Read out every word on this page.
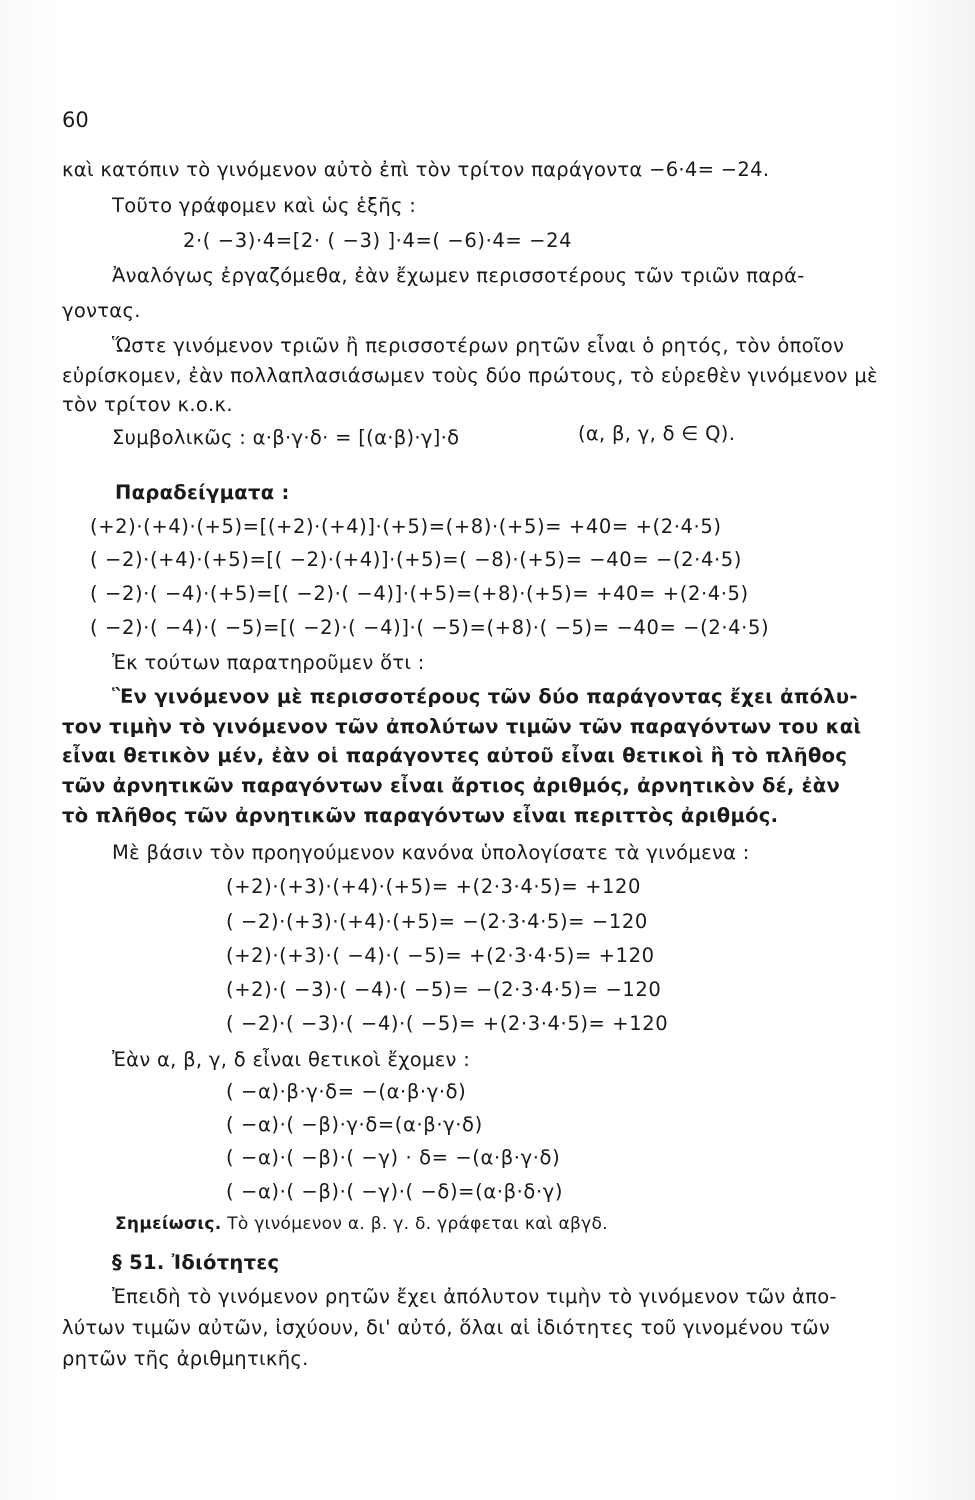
60
καὶ κατόπιν τὸ γινόμενον αὐτὸ ἐπὶ τὸν τρίτον παράγοντα −6·4= −24.
Τοῦτο γράφομεν καὶ ὡς ἑξῆς :
2·( −3)·4=[2· ( −3) ]·4=( −6)·4= −24
Ἀναλόγως ἐργαζόμεθα, ἐὰν ἔχωμεν περισσοτέρους τῶν τριῶν παρά-
γοντας.
Ὥστε γινόμενον τριῶν ἢ περισσοτέρων ρητῶν εἶναι ὁ ρητός, τὸν ὁποῖον
εὑρίσκομεν, ἐὰν πολλαπλασιάσωμεν τοὺς δύο πρώτους, τὸ εὑρεθὲν γινόμενον μὲ
τὸν τρίτον κ.ο.κ.
Συμβολικῶς : α·β·γ·δ· = [(α·β)·γ]·δ	(α, β, γ, δ ∈ Q).
Παραδείγματα :
(+2)·(+4)·(+5)=[(+2)·(+4)]·(+5)=(+8)·(+5)= +40= +(2·4·5)
( −2)·(+4)·(+5)=[( −2)·(+4)]·(+5)=( −8)·(+5)= −40= −(2·4·5)
( −2)·( −4)·(+5)=[( −2)·( −4)]·(+5)=(+8)·(+5)= +40= +(2·4·5)
( −2)·( −4)·( −5)=[( −2)·( −4)]·( −5)=(+8)·( −5)= −40= −(2·4·5)
Ἐκ τούτων παρατηροῦμεν ὅτι :
Ἓν γινόμενον μὲ περισσοτέρους τῶν δύο παράγοντας ἔχει ἀπόλυ-
τον τιμὴν τὸ γινόμενον τῶν ἀπολύτων τιμῶν τῶν παραγόντων του καὶ
εἶναι θετικὸν μέν, ἐὰν οἱ παράγοντες αὐτοῦ εἶναι θετικοὶ ἢ τὸ πλῆθος
τῶν ἀρνητικῶν παραγόντων εἶναι ἄρτιος ἀριθμός, ἀρνητικὸν δέ, ἐὰν
τὸ πλῆθος τῶν ἀρνητικῶν παραγόντων εἶναι περιττὸς ἀριθμός.
Μὲ βάσιν τὸν προηγούμενον κανόνα ὑπολογίσατε τὰ γινόμενα :
(+2)·(+3)·(+4)·(+5)= +(2·3·4·5)= +120
( −2)·(+3)·(+4)·(+5)= −(2·3·4·5)= −120
(+2)·(+3)·( −4)·( −5)= +(2·3·4·5)= +120
(+2)·( −3)·( −4)·( −5)= −(2·3·4·5)= −120
( −2)·( −3)·( −4)·( −5)= +(2·3·4·5)= +120
Ἐὰν α, β, γ, δ εἶναι θετικοὶ ἔχομεν :
( −α)·β·γ·δ= −(α·β·γ·δ)
( −α)·( −β)·γ·δ=(α·β·γ·δ)
( −α)·( −β)·( −γ) · δ= −(α·β·γ·δ)
( −α)·( −β)·( −γ)·( −δ)=(α·β·δ·γ)
Σημείωσις. Τὸ γινόμενον α. β. γ. δ. γράφεται καὶ αβγδ.
§ 51. Ἰδιότητες
Ἐπειδὴ τὸ γινόμενον ρητῶν ἔχει ἀπόλυτον τιμὴν τὸ γινόμενον τῶν ἀπο-
λύτων τιμῶν αὐτῶν, ἰσχύουν, δι' αὐτό, ὅλαι αἱ ἰδιότητες τοῦ γινομένου τῶν
ρητῶν τῆς ἀριθμητικῆς.
